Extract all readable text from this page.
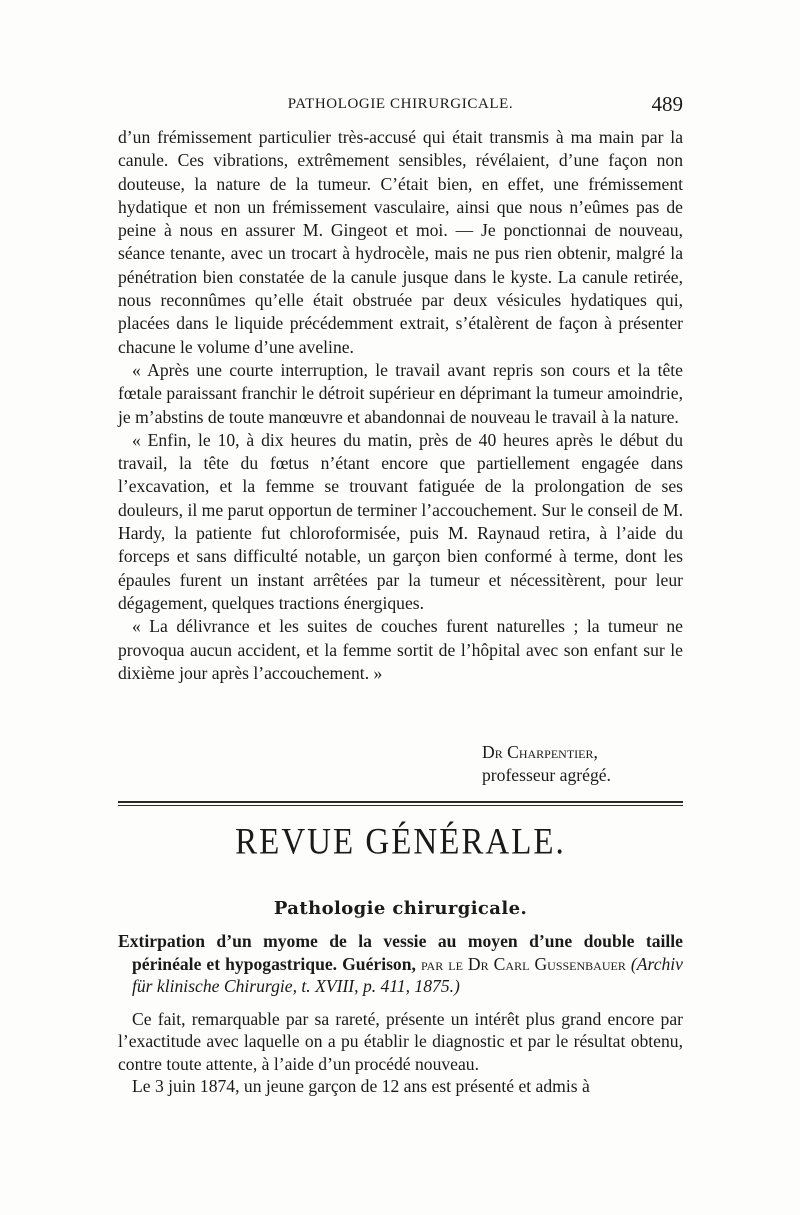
PATHOLOGIE CHIRURGICALE.	489

d’un frémissement particulier très-accusé qui était transmis à ma main par la canule. Ces vibrations, extrêmement sensibles, révélaient, d’une façon non douteuse, la nature de la tumeur. C’était bien, en effet, une frémissement hydatique et non un frémissement vasculaire, ainsi que nous n’eûmes pas de peine à nous en assurer M. Gingeot et moi. — Je ponctionnai de nouveau, séance tenante, avec un trocart à hydrocèle, mais ne pus rien obtenir, malgré la pénétration bien constatée de la canule jusque dans le kyste. La canule retirée, nous reconnûmes qu’elle était obstruée par deux vésicules hydatiques qui, placées dans le liquide précédemment extrait, s’étalèrent de façon à présenter chacune le volume d’une aveline.

« Après une courte interruption, le travail avant repris son cours et la tête fœtale paraissant franchir le détroit supérieur en déprimant la tumeur amoindrie, je m’abstins de toute manœuvre et abandonnai de nouveau le travail à la nature.

« Enfin, le 10, à dix heures du matin, près de 40 heures après le début du travail, la tête du fœtus n’étant encore que partiellement engagée dans l’excavation, et la femme se trouvant fatiguée de la prolongation de ses douleurs, il me parut opportun de terminer l’accouchement. Sur le conseil de M. Hardy, la patiente fut chloroformisée, puis M. Raynaud retira, à l’aide du forceps et sans difficulté notable, un garçon bien conformé à terme, dont les épaules furent un instant arrêtées par la tumeur et nécessitèrent, pour leur dégagement, quelques tractions énergiques.

« La délivrance et les suites de couches furent naturelles ; la tumeur ne provoqua aucun accident, et la femme sortit de l’hôpital avec son enfant sur le dixième jour après l’accouchement. »

Dr Charpentier,
professeur agrégé.
REVUE GÉNÉRALE.
Pathologie chirurgicale.

Extirpation d’un myome de la vessie au moyen d’une double taille périnéale et hypogastrique. Guérison, par le Dr Carl Gussenbauer (Archiv für klinische Chirurgie, t. XVIII, p. 411, 1875.)

Ce fait, remarquable par sa rareté, présente un intérêt plus grand encore par l’exactitude avec laquelle on a pu établir le diagnostic et par le résultat obtenu, contre toute attente, à l’aide d’un procédé nouveau.

Le 3 juin 1874, un jeune garçon de 12 ans est présenté et admis à
